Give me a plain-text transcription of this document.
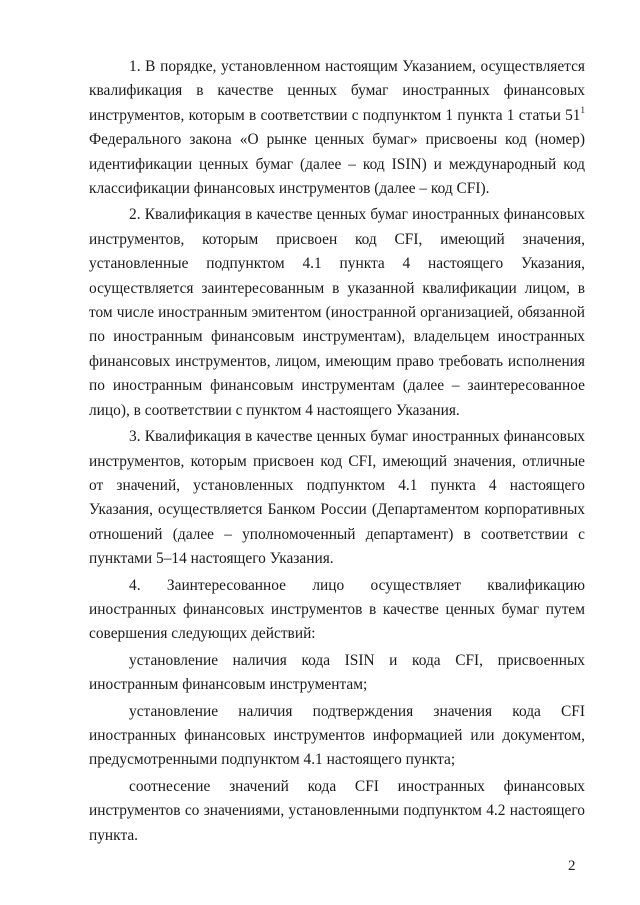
1. В порядке, установленном настоящим Указанием, осуществляется квалификация в качестве ценных бумаг иностранных финансовых инструментов, которым в соответствии с подпунктом 1 пункта 1 статьи $51^1$ Федерального закона «О рынке ценных бумаг» присвоены код (номер) идентификации ценных бумаг (далее – код ISIN) и международный код классификации финансовых инструментов (далее – код CFI).

2. Квалификация в качестве ценных бумаг иностранных финансовых инструментов, которым присвоен код CFI, имеющий значения, установленные подпунктом 4.1 пункта 4 настоящего Указания, осуществляется заинтересованным в указанной квалификации лицом, в том числе иностранным эмитентом (иностранной организацией, обязанной по иностранным финансовым инструментам), владельцем иностранных финансовых инструментов, лицом, имеющим право требовать исполнения по иностранным финансовым инструментам (далее – заинтересованное лицо), в соответствии с пунктом 4 настоящего Указания.

3. Квалификация в качестве ценных бумаг иностранных финансовых инструментов, которым присвоен код CFI, имеющий значения, отличные от значений, установленных подпунктом 4.1 пункта 4 настоящего Указания, осуществляется Банком России (Департаментом корпоративных отношений (далее – уполномоченный департамент) в соответствии с пунктами 5–14 настоящего Указания.

4. Заинтересованное лицо осуществляет квалификацию иностранных финансовых инструментов в качестве ценных бумаг путем совершения следующих действий:

установление наличия кода ISIN и кода CFI, присвоенных иностранным финансовым инструментам;

установление наличия подтверждения значения кода CFI иностранных финансовых инструментов информацией или документом, предусмотренными подпунктом 4.1 настоящего пункта;

соотнесение значений кода CFI иностранных финансовых инструментов со значениями, установленными подпунктом 4.2 настоящего пункта.

2
